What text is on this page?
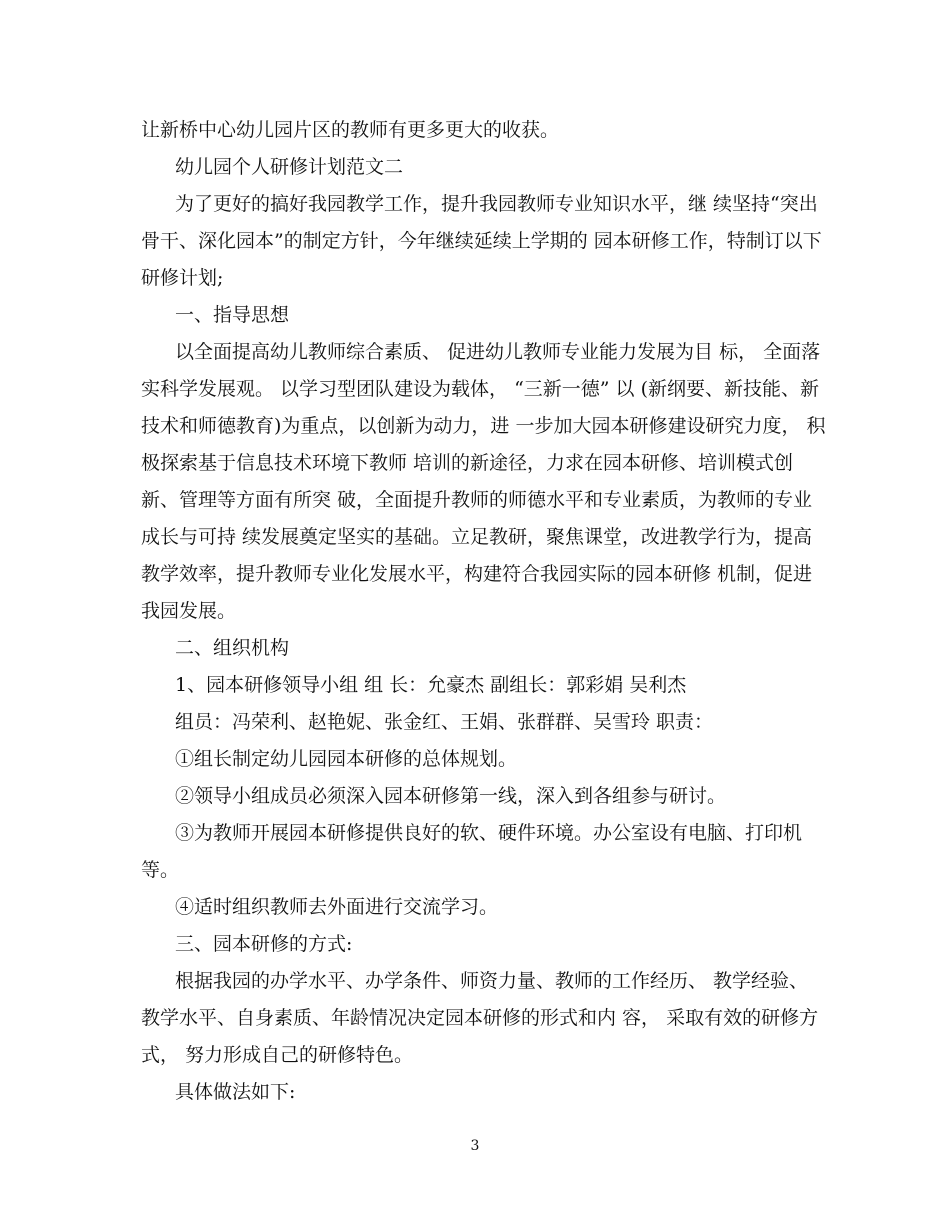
让新桥中心幼儿园片区的教师有更多更大的收获。
幼儿园个人研修计划范文二
为了更好的搞好我园教学工作，提升我园教师专业知识水平，继 续坚持“突出
骨干、深化园本”的制定方针，今年继续延续上学期的 园本研修工作，特制订以下
研修计划;
一、指导思想
以全面提高幼儿教师综合素质、 促进幼儿教师专业能力发展为目 标， 全面落
实科学发展观。 以学习型团队建设为载体， “三新一德” 以 (新纲要、新技能、新
技术和师德教育)为重点，以创新为动力，进 一步加大园本研修建设研究力度， 积
极探索基于信息技术环境下教师 培训的新途径，力求在园本研修、培训模式创
新、管理等方面有所突 破，全面提升教师的师德水平和专业素质，为教师的专业
成长与可持 续发展奠定坚实的基础。立足教研，聚焦课堂，改进教学行为，提高
教学效率，提升教师专业化发展水平，构建符合我园实际的园本研修 机制，促进
我园发展。
二、组织机构
1、园本研修领导小组 组 长：允豪杰 副组长：郭彩娟 吴利杰
组员：冯荣利、赵艳妮、张金红、王娟、张群群、吴雪玲 职责：
①组长制定幼儿园园本研修的总体规划。
②领导小组成员必须深入园本研修第一线，深入到各组参与研讨。
③为教师开展园本研修提供良好的软、硬件环境。办公室设有电脑、打印机
等。
④适时组织教师去外面进行交流学习。
三、园本研修的方式:
根据我园的办学水平、办学条件、师资力量、教师的工作经历、 教学经验、
教学水平、自身素质、年龄情况决定园本研修的形式和内 容， 采取有效的研修方
式， 努力形成自己的研修特色。
具体做法如下:
3
